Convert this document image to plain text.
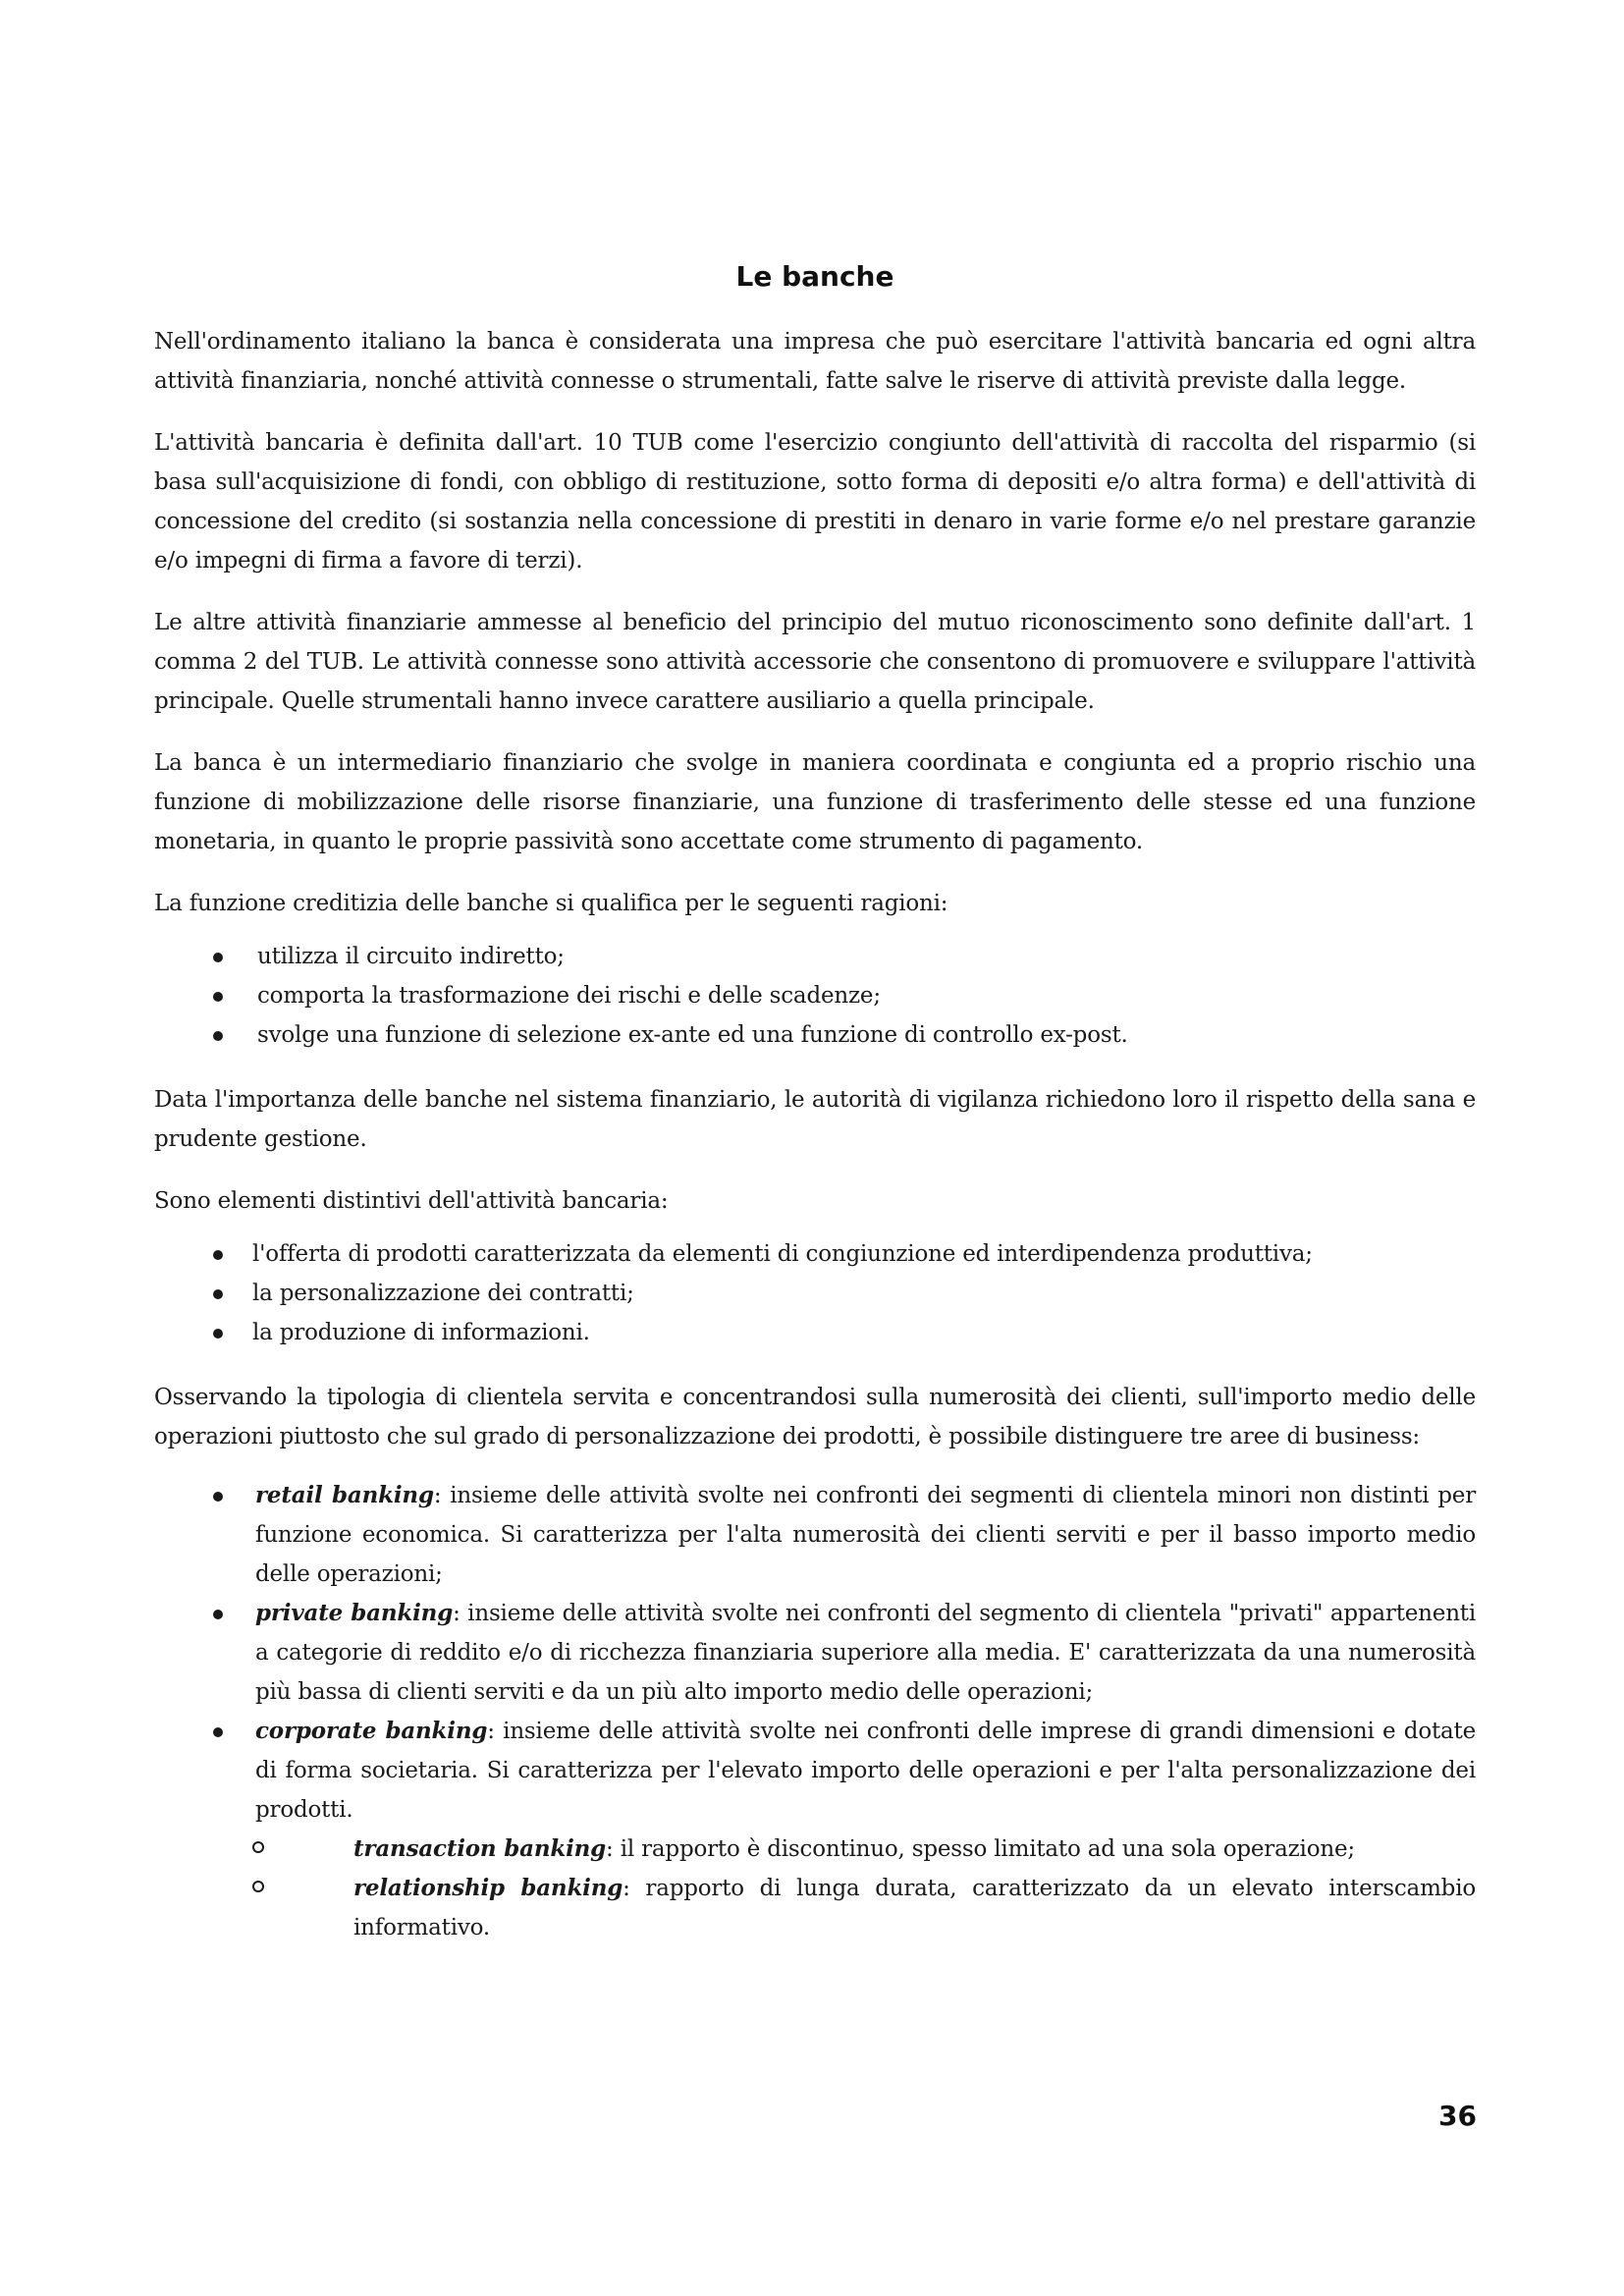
Le banche

Nell'ordinamento italiano la banca è considerata una impresa che può esercitare l'attività bancaria ed ogni altra attività finanziaria, nonché attività connesse o strumentali, fatte salve le riserve di attività previste dalla legge.

L'attività bancaria è definita dall'art. 10 TUB come l'esercizio congiunto dell'attività di raccolta del risparmio (si basa sull'acquisizione di fondi, con obbligo di restituzione, sotto forma di depositi e/o altra forma) e dell'attività di concessione del credito (si sostanzia nella concessione di prestiti in denaro in varie forme e/o nel prestare garanzie e/o impegni di firma a favore di terzi).

Le altre attività finanziarie ammesse al beneficio del principio del mutuo riconoscimento sono definite dall'art. 1 comma 2 del TUB. Le attività connesse sono attività accessorie che consentono di promuovere e sviluppare l'attività principale. Quelle strumentali hanno invece carattere ausiliario a quella principale.

La banca è un intermediario finanziario che svolge in maniera coordinata e congiunta ed a proprio rischio una funzione di mobilizzazione delle risorse finanziarie, una funzione di trasferimento delle stesse ed una funzione monetaria, in quanto le proprie passività sono accettate come strumento di pagamento.

La funzione creditizia delle banche si qualifica per le seguenti ragioni:

utilizza il circuito indiretto;
comporta la trasformazione dei rischi e delle scadenze;
svolge una funzione di selezione ex-ante ed una funzione di controllo ex-post.

Data l'importanza delle banche nel sistema finanziario, le autorità di vigilanza richiedono loro il rispetto della sana e prudente gestione.

Sono elementi distintivi dell'attività bancaria:

l'offerta di prodotti caratterizzata da elementi di congiunzione ed interdipendenza produttiva;
la personalizzazione dei contratti;
la produzione di informazioni.

Osservando la tipologia di clientela servita e concentrandosi sulla numerosità dei clienti, sull'importo medio delle operazioni piuttosto che sul grado di personalizzazione dei prodotti, è possibile distinguere tre aree di business:

retail banking: insieme delle attività svolte nei confronti dei segmenti di clientela minori non distinti per funzione economica. Si caratterizza per l'alta numerosità dei clienti serviti e per il basso importo medio delle operazioni;
private banking: insieme delle attività svolte nei confronti del segmento di clientela "privati" appartenenti a categorie di reddito e/o di ricchezza finanziaria superiore alla media. E' caratterizzata da una numerosità più bassa di clienti serviti e da un più alto importo medio delle operazioni;
corporate banking: insieme delle attività svolte nei confronti delle imprese di grandi dimensioni e dotate di forma societaria. Si caratterizza per l'elevato importo delle operazioni e per l'alta personalizzazione dei prodotti.
transaction banking: il rapporto è discontinuo, spesso limitato ad una sola operazione;
relationship banking: rapporto di lunga durata, caratterizzato da un elevato interscambio informativo.
36
